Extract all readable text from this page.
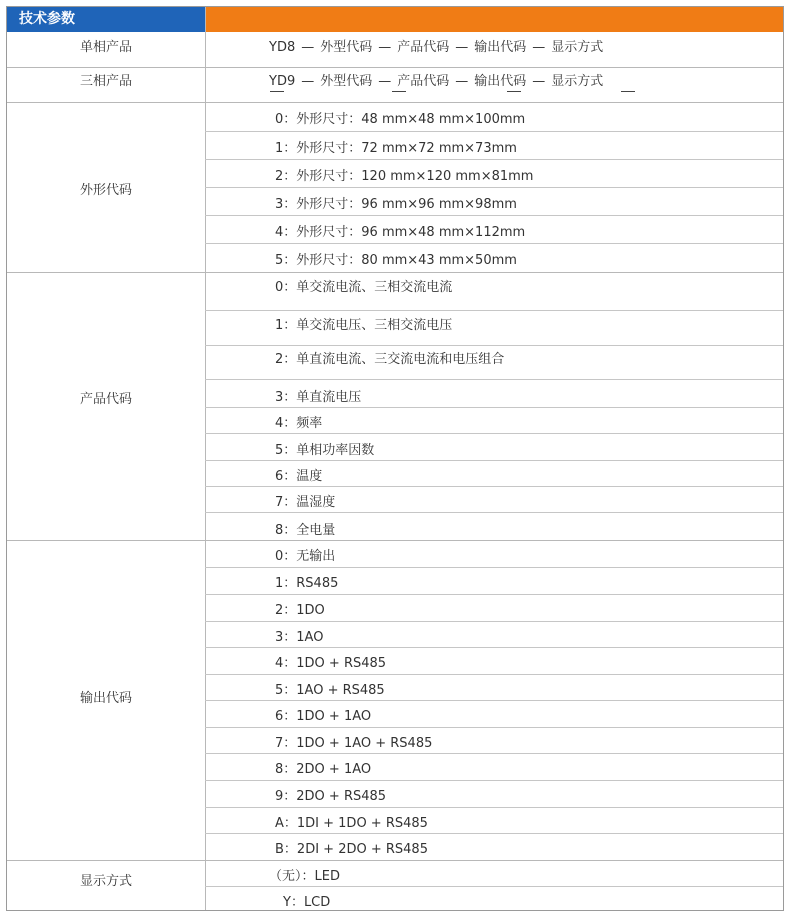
技术参数
单相产品	YD8 — 外型代码 — 产品代码 — 输出代码 — 显示方式
三相产品	YD9 — 外型代码 — 产品代码 — 输出代码 — 显示方式
外形代码
0：外形尺寸：48 mm×48 mm×100mm
1：外形尺寸：72 mm×72 mm×73mm
2：外形尺寸：120 mm×120 mm×81mm
3：外形尺寸：96 mm×96 mm×98mm
4：外形尺寸：96 mm×48 mm×112mm
5：外形尺寸：80 mm×43 mm×50mm
产品代码
0：单交流电流、三相交流电流
1：单交流电压、三相交流电压
2：单直流电流、三交流电流和电压组合
3：单直流电压
4：频率
5：单相功率因数
6：温度
7：温湿度
8：全电量
输出代码
0：无输出
1：RS485
2：1DO
3：1AO
4：1DO + RS485
5：1AO + RS485
6：1DO + 1AO
7：1DO + 1AO + RS485
8：2DO + 1AO
9：2DO + RS485
A：1DI + 1DO + RS485
B：2DI + 2DO + RS485
显示方式	（无）：LED
Y：LCD
